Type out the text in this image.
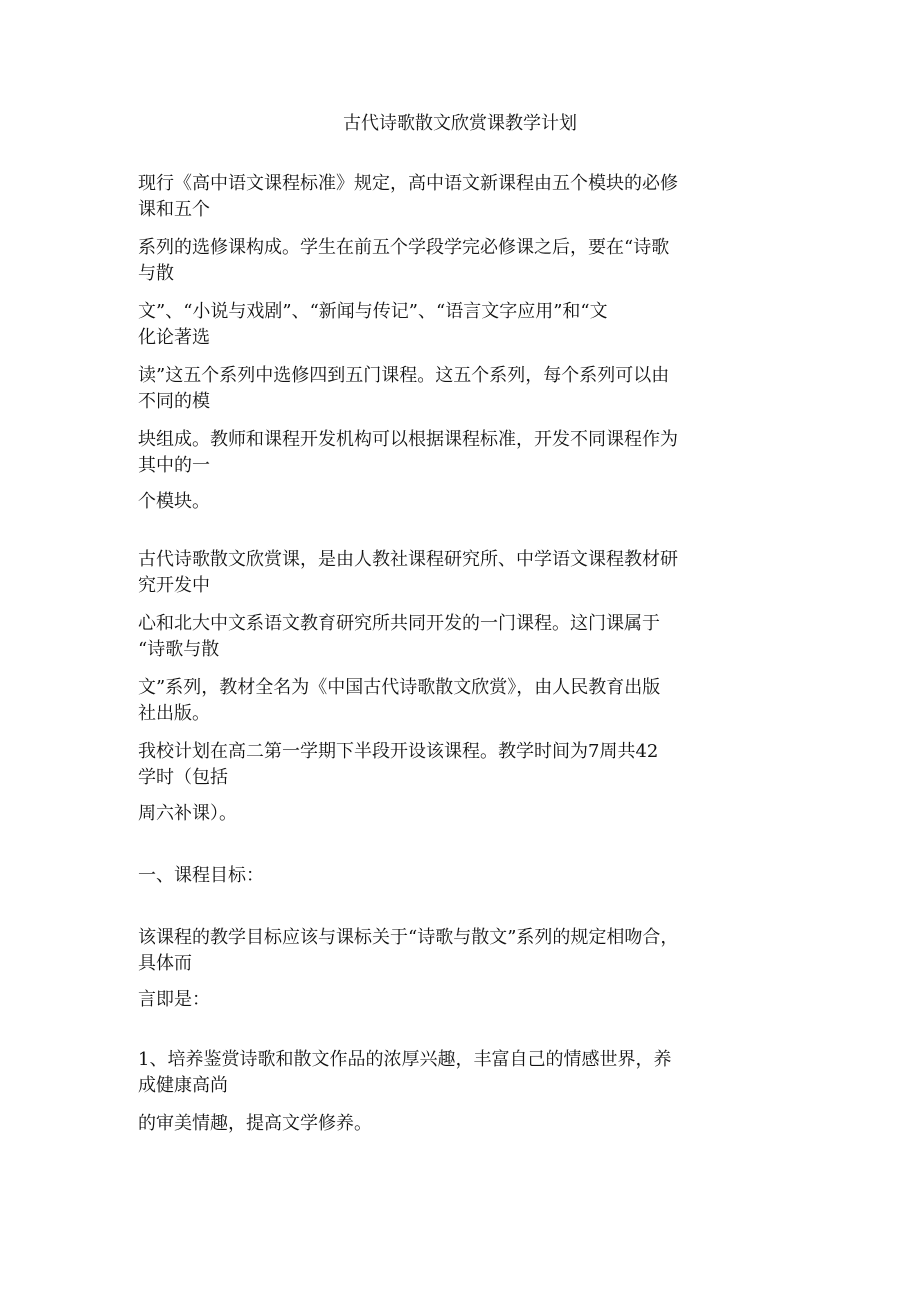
古代诗歌散文欣赏课教学计划
现行《高中语文课程标准》规定，高中语文新课程由五个模块的必修
课和五个
系列的选修课构成。学生在前五个学段学完必修课之后，要在“诗歌
与散
文”、“小说与戏剧”、“新闻与传记”、“语言文字应用”和“文
化论著选
读”这五个系列中选修四到五门课程。这五个系列，每个系列可以由
不同的模
块组成。教师和课程开发机构可以根据课程标准，开发不同课程作为
其中的一
个模块。
古代诗歌散文欣赏课，是由人教社课程研究所、中学语文课程教材研
究开发中
心和北大中文系语文教育研究所共同开发的一门课程。这门课属于
“诗歌与散
文”系列，教材全名为《中国古代诗歌散文欣赏》，由人民教育出版
社出版。
我校计划在高二第一学期下半段开设该课程。教学时间为7周共42
学时（包括
周六补课）。
一、课程目标：
该课程的教学目标应该与课标关于“诗歌与散文”系列的规定相吻合，
具体而
言即是：
1、培养鉴赏诗歌和散文作品的浓厚兴趣，丰富自己的情感世界，养
成健康高尚
的审美情趣，提高文学修养。
